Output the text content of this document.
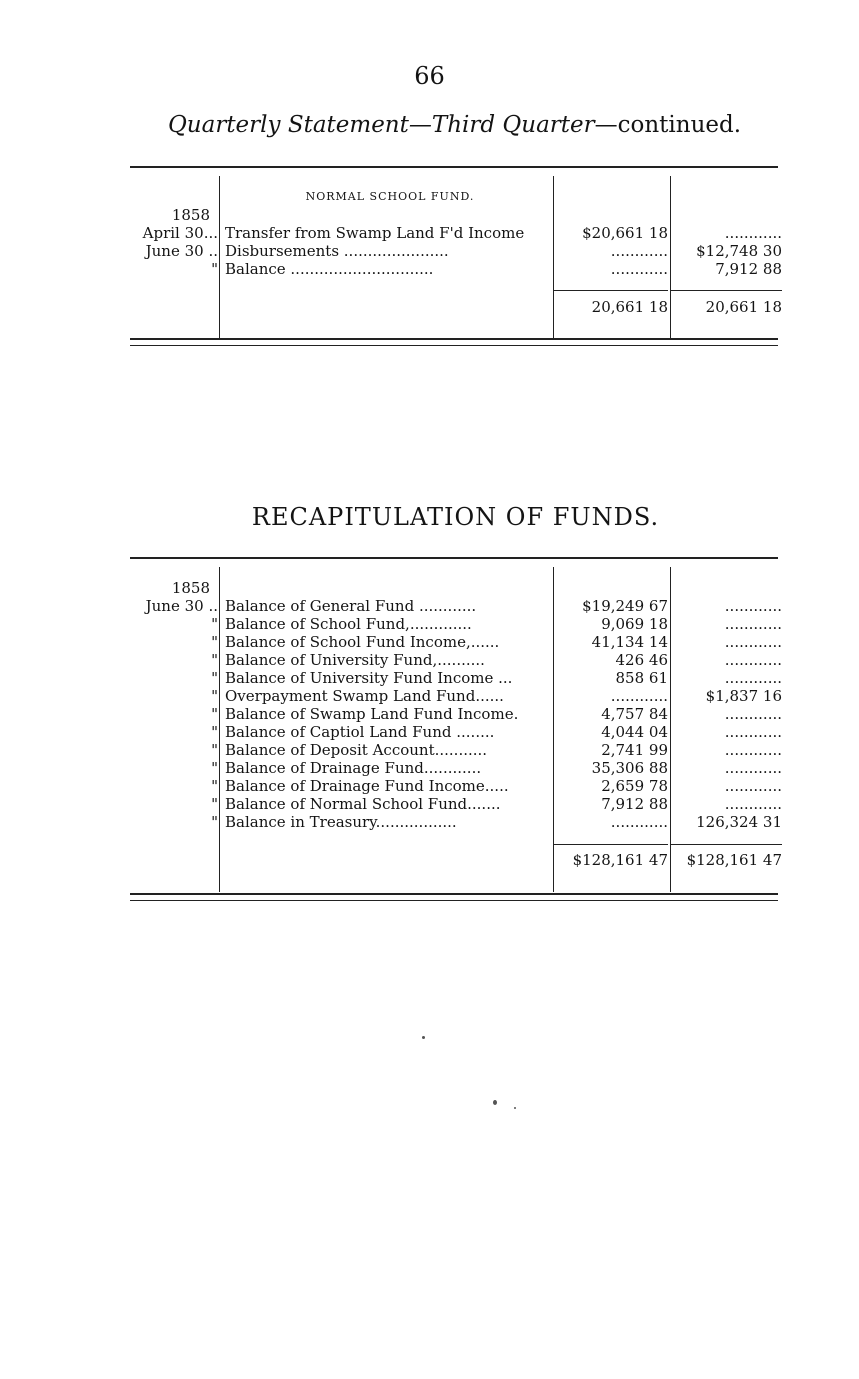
66
Quarterly Statement—Third Quarter—continued.
NORMAL SCHOOL FUND.
1858
April 30... Transfer from Swamp Land F'd Income	$20,661 18	............
June 30 .. Disbursements ......................	............	$12,748 30
" Balance ..............................	............	7,912 88
20,661 18	20,661 18
RECAPITULATION OF FUNDS.
1858
June 30 .. Balance of General Fund ............	$19,249 67	............
" Balance of School Fund,.............	9,069 18	............
" Balance of School Fund Income,......	41,134 14	............
" Balance of University Fund,..........	426 46	............
" Balance of University Fund Income ...	858 61	............
" Overpayment Swamp Land Fund......	............	$1,837 16
" Balance of Swamp Land Fund Income.	4,757 84	............
" Balance of Captiol Land Fund ........	4,044 04	............
" Balance of Deposit Account...........	2,741 99	............
" Balance of Drainage Fund............	35,306 88	............
" Balance of Drainage Fund Income.....	2,659 78	............
" Balance of Normal School Fund.......	7,912 88	............
" Balance in Treasury.................	............	126,324 31
$128,161 47	$128,161 47
